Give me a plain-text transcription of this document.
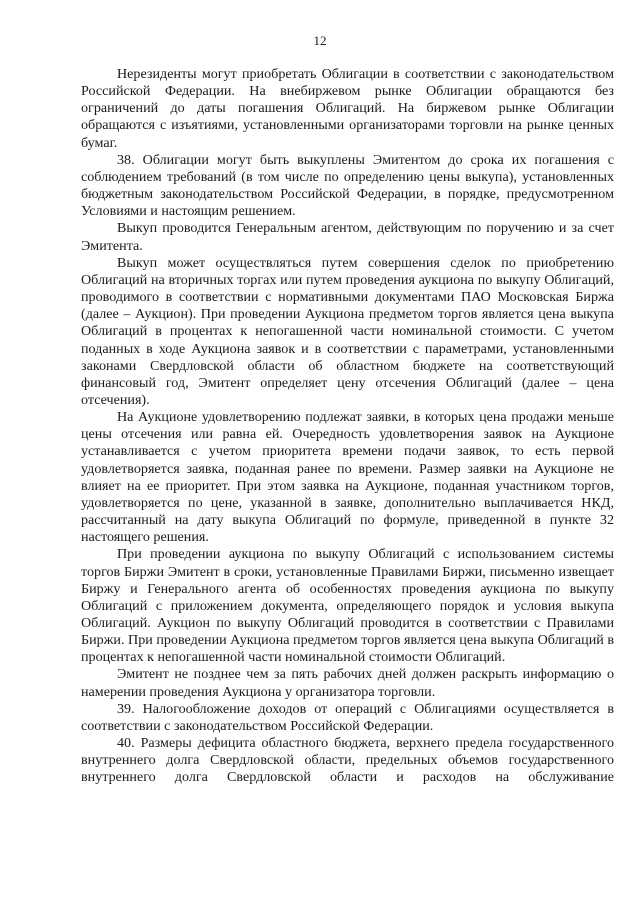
12

Нерезиденты могут приобретать Облигации в соответствии с законодательством Российской Федерации. На внебиржевом рынке Облигации обращаются без ограничений до даты погашения Облигаций. На биржевом рынке Облигации обращаются с изъятиями, установленными организаторами торговли на рынке ценных бумаг.

38. Облигации могут быть выкуплены Эмитентом до срока их погашения с соблюдением требований (в том числе по определению цены выкупа), установленных бюджетным законодательством Российской Федерации, в порядке, предусмотренном Условиями и настоящим решением.

Выкуп проводится Генеральным агентом, действующим по поручению и за счет Эмитента.

Выкуп может осуществляться путем совершения сделок по приобретению Облигаций на вторичных торгах или путем проведения аукциона по выкупу Облигаций, проводимого в соответствии с нормативными документами ПАО Московская Биржа (далее – Аукцион). При проведении Аукциона предметом торгов является цена выкупа Облигаций в процентах к непогашенной части номинальной стоимости. С учетом поданных в ходе Аукциона заявок и в соответствии с параметрами, установленными законами Свердловской области об областном бюджете на соответствующий финансовый год, Эмитент определяет цену отсечения Облигаций (далее – цена отсечения).

На Аукционе удовлетворению подлежат заявки, в которых цена продажи меньше цены отсечения или равна ей. Очередность удовлетворения заявок на Аукционе устанавливается с учетом приоритета времени подачи заявок, то есть первой удовлетворяется заявка, поданная ранее по времени. Размер заявки на Аукционе не влияет на ее приоритет. При этом заявка на Аукционе, поданная участником торгов, удовлетворяется по цене, указанной в заявке, дополнительно выплачивается НКД, рассчитанный на дату выкупа Облигаций по формуле, приведенной в пункте 32 настоящего решения.

При проведении аукциона по выкупу Облигаций с использованием системы торгов Биржи Эмитент в сроки, установленные Правилами Биржи, письменно извещает Биржу и Генерального агента об особенностях проведения аукциона по выкупу Облигаций с приложением документа, определяющего порядок и условия выкупа Облигаций. Аукцион по выкупу Облигаций проводится в соответствии с Правилами Биржи. При проведении Аукциона предметом торгов является цена выкупа Облигаций в процентах к непогашенной части номинальной стоимости Облигаций.

Эмитент не позднее чем за пять рабочих дней должен раскрыть информацию о намерении проведения Аукциона у организатора торговли.

39. Налогообложение доходов от операций с Облигациями осуществляется в соответствии с законодательством Российской Федерации.

40. Размеры дефицита областного бюджета, верхнего предела государственного внутреннего долга Свердловской области, предельных объемов государственного внутреннего долга Свердловской области и расходов на обслуживание
